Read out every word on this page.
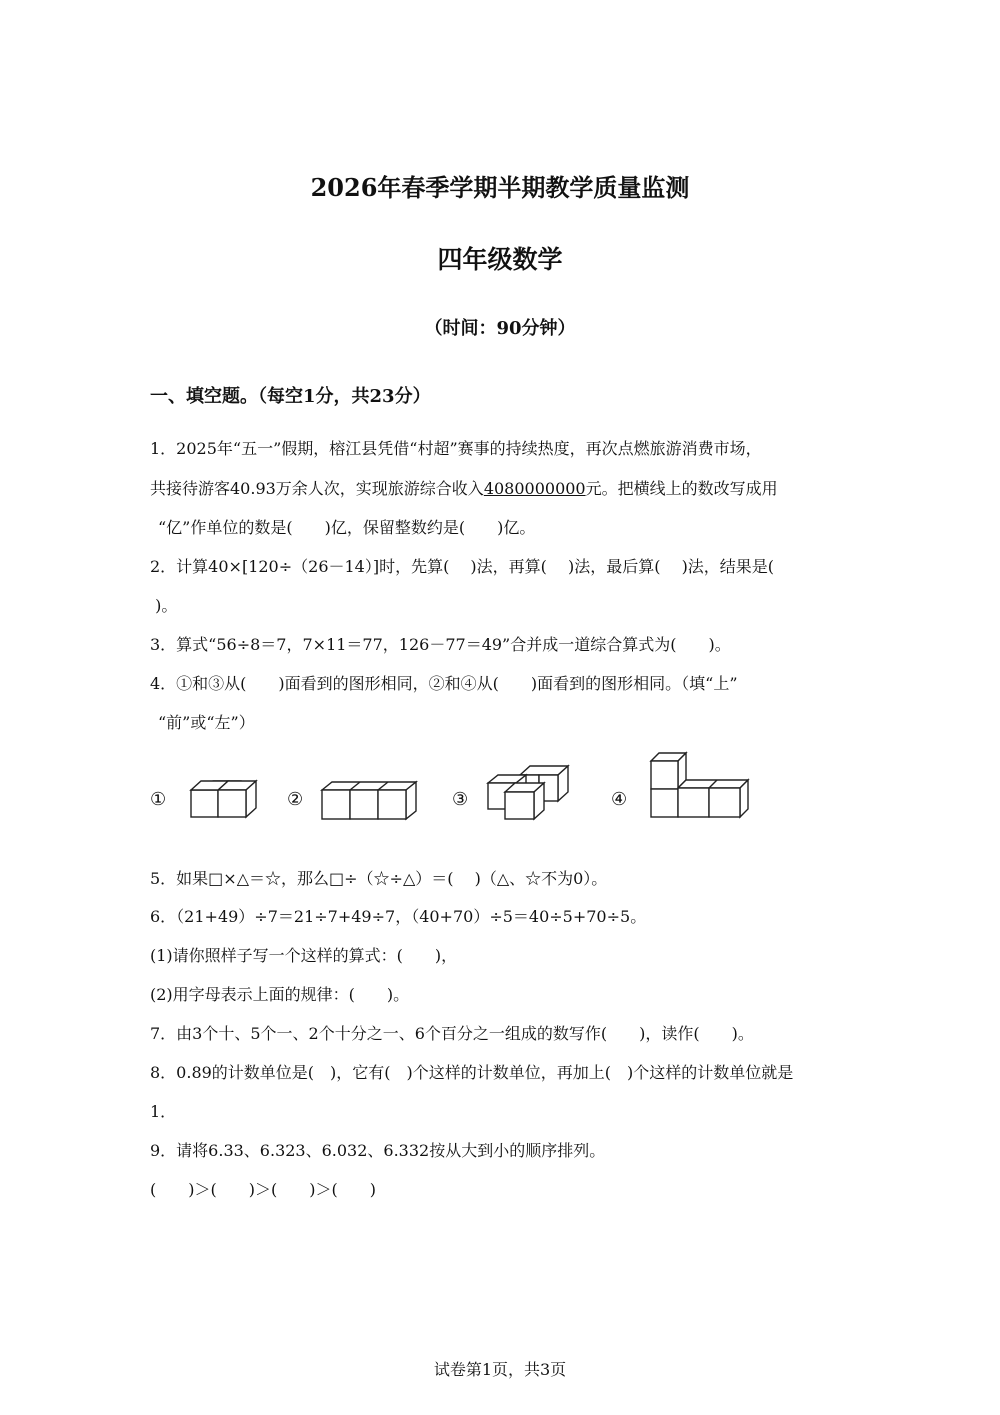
2026年春季学期半期教学质量监测
四年级数学
（时间：90分钟）
一、填空题。（每空1分，共23分）
1．2025年“五一”假期，榕江县凭借“村超”赛事的持续热度，再次点燃旅游消费市场，
共接待游客40.93万余人次，实现旅游综合收入4080000000元。把横线上的数改写成用
“亿”作单位的数是(　　)亿，保留整数约是(　　)亿。
2．计算40×[120÷（26－14）]时，先算(　 )法，再算(　 )法，最后算(　 )法，结果是(
)。
3．算式“56÷8＝7，7×11＝77，126－77＝49”合并成一道综合算式为(　　)。
4．①和③从(　　)面看到的图形相同，②和④从(　　)面看到的图形相同。（填“上”
“前”或“左”）
①	②	③	④
5．如果□×△＝☆，那么□÷（☆÷△）＝(　 )（△、☆不为0）。
6．（21+49）÷7＝21÷7+49÷7，（40+70）÷5＝40÷5+70÷5。
(1)请你照样子写一个这样的算式：(　　)，
(2)用字母表示上面的规律：(　　)。
7．由3个十、5个一、2个十分之一、6个百分之一组成的数写作(　　)，读作(　　)。
8．0.89的计数单位是(　)，它有(　)个这样的计数单位，再加上(　)个这样的计数单位就是
1．
9．请将6.33、6.323、6.032、6.332按从大到小的顺序排列。
(　　)＞(　　)＞(　　)＞(　　)
试卷第1页，共3页
